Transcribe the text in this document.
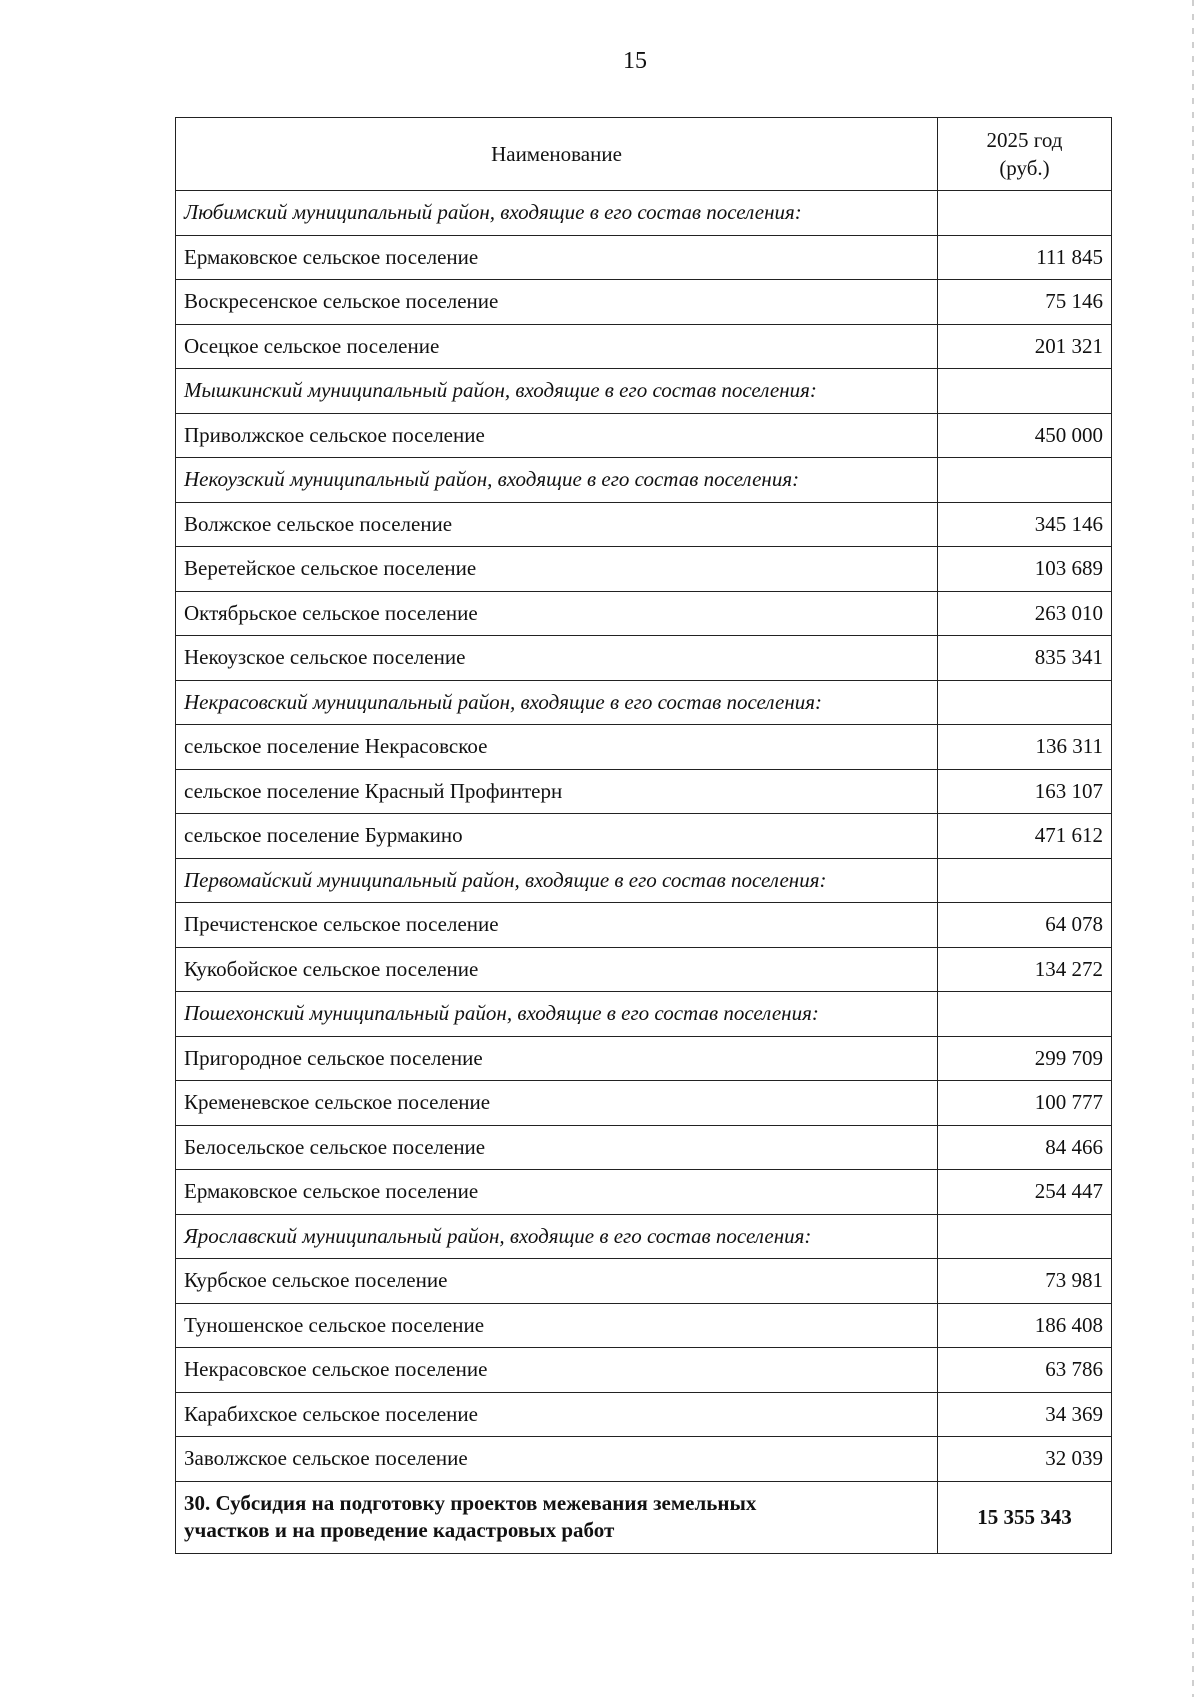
15
Наименование	2025 год
(руб.)
Любимский муниципальный район, входящие в его состав поселения:	
Ермаковское сельское поселение	111 845
Воскресенское сельское поселение	75 146
Осецкое сельское поселение	201 321
Мышкинский муниципальный район, входящие в его состав поселения:	
Приволжское сельское поселение	450 000
Некоузский муниципальный район, входящие в его состав поселения:	
Волжское сельское поселение	345 146
Веретейское сельское поселение	103 689
Октябрьское сельское поселение	263 010
Некоузское сельское поселение	835 341
Некрасовский муниципальный район, входящие в его состав поселения:	
сельское поселение Некрасовское	136 311
сельское поселение Красный Профинтерн	163 107
сельское поселение Бурмакино	471 612
Первомайский муниципальный район, входящие в его состав поселения:	
Пречистенское сельское поселение	64 078
Кукобойское сельское поселение	134 272
Пошехонский муниципальный район, входящие в его состав поселения:	
Пригородное сельское поселение	299 709
Кременевское сельское поселение	100 777
Белосельское сельское поселение	84 466
Ермаковское сельское поселение	254 447
Ярославский муниципальный район, входящие в его состав поселения:	
Курбское сельское поселение	73 981
Туношенское сельское поселение	186 408
Некрасовское сельское поселение	63 786
Карабихское сельское поселение	34 369
Заволжское сельское поселение	32 039
30. Субсидия на подготовку проектов межевания земельных
участков и на проведение кадастровых работ	15 355 343
